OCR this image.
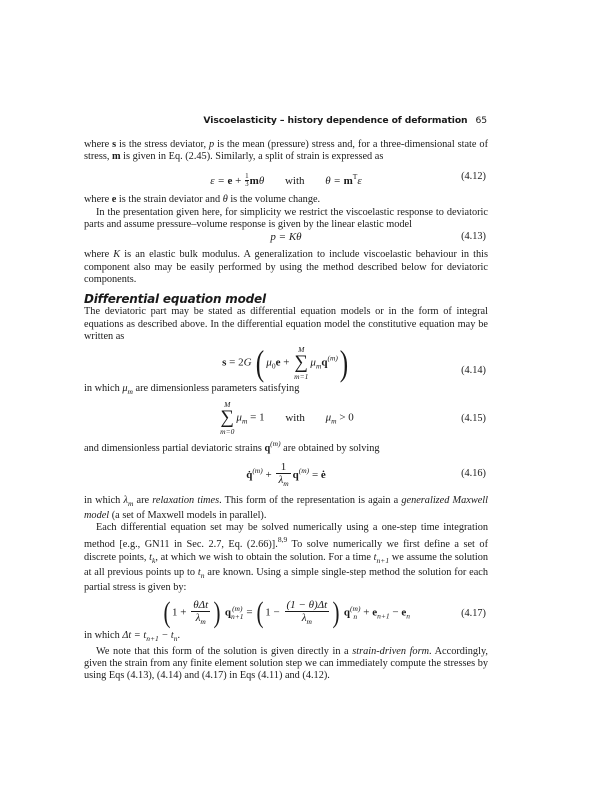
Viscoelasticity – history dependence of deformation 65

where s is the stress deviator, p is the mean (pressure) stress and, for a three-dimensional state of stress, m is given in Eq. (2.45). Similarly, a split of strain is expressed as

$\varepsilon = e + \frac{1}{3}m\theta$ with $\theta = m^T\varepsilon$	(4.12)

where e is the strain deviator and θ is the volume change.

In the presentation given here, for simplicity we restrict the viscoelastic response to deviatoric parts and assume pressure–volume response is given by the linear elastic model

p = Kθ	(4.13)

where K is an elastic bulk modulus. A generalization to include viscoelastic behaviour in this component also may be easily performed by using the method described below for deviatoric components.

Differential equation model

The deviatoric part may be stated as differential equation models or in the form of integral equations as described above. In the differential equation model the constitutive equation may be written as

s = 2G ( $\mu_0e$ +
M
∑
m=1
$\mu_mq^{(m)}$)	(4.14)

in which $\mu_m$ are dimensionless parameters satisfying

M
∑
m=0
$\mu_m = 1$ with $\mu_m > 0$	(4.15)

and dimensionless partial deviatoric strains $q^{(m)}$ are obtained by solving

q̇$^{(m)}$ + $\frac{1}{\lambda_m} q^{(m)}$ = ė	(4.16)

in which $\lambda_m$ are relaxation times. This form of the representation is again a generalized Maxwell model (a set of Maxwell models in parallel).

Each differential equation set may be solved numerically using a one-step time integration method [e.g., GN11 in Sec. 2.7, Eq. (2.66)].$^{8,9}$ To solve numerically we first define a set of discrete points, $t_k$, at which we wish to obtain the solution. For a time $t_{n+1}$ we assume the solution at all previous points up to $t_n$ are known. Using a simple single-step method the solution for each partial stress is given by:

( $1 + \frac{\text{θΔt}}{\lambda_m}$ ) q (m)
n+1 = ( $1 - \frac{(1 - \theta)\Delta t}{\lambda_m}$ ) q (m)
$n + e_{n+1} - e_n$	(4.17)

in which $\Delta t = t_{n+1} - t_n$.

We note that this form of the solution is given directly in a strain-driven form. Accordingly, given the strain from any finite element solution step we can immediately compute the stresses by using Eqs (4.13), (4.14) and (4.17) in Eqs (4.11) and (4.12).
